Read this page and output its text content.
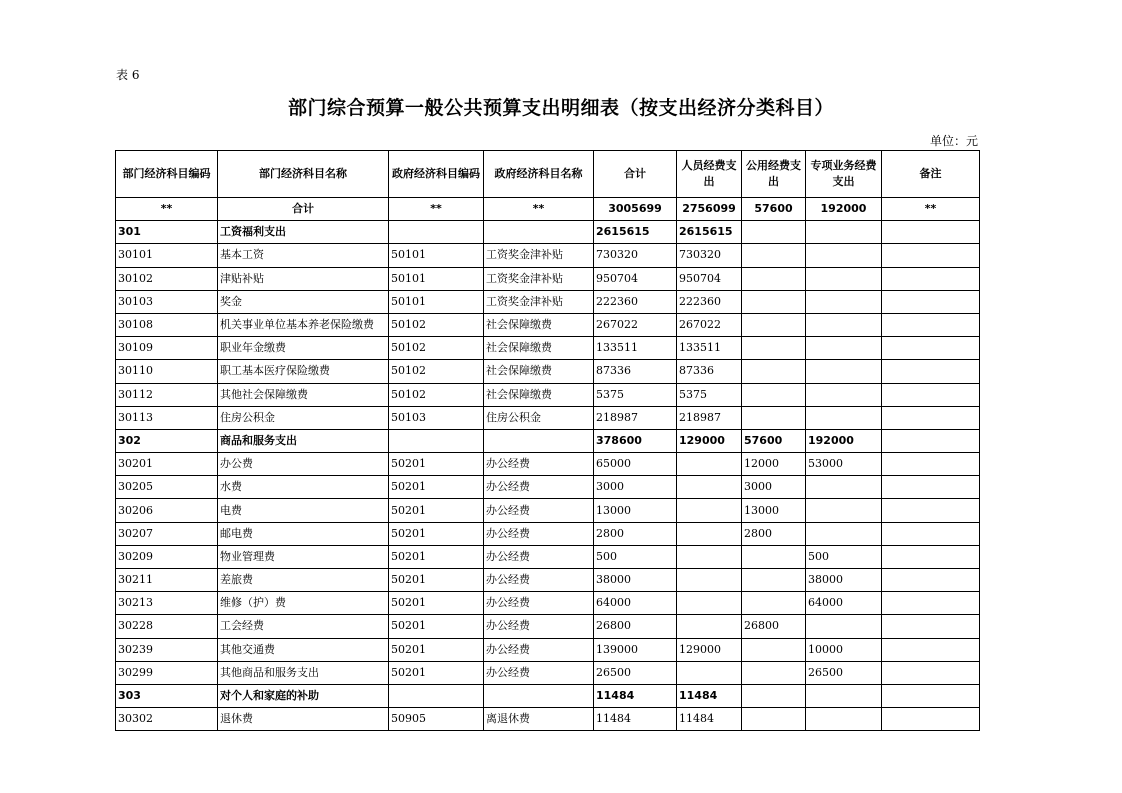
表 6
部门综合预算一般公共预算支出明细表（按支出经济分类科目）
单位：元
部门经济科目编码	部门经济科目名称	政府经济科目编码	政府经济科目名称	合计	人员经费支出	公用经费支出	专项业务经费支出	备注
**	合计	**	**	3005699	2756099	57600	192000	**
301	工资福利支出			2615615	2615615			
30101	基本工资	50101	工资奖金津补贴	730320	730320			
30102	津贴补贴	50101	工资奖金津补贴	950704	950704			
30103	奖金	50101	工资奖金津补贴	222360	222360			
30108	机关事业单位基本养老保险缴费	50102	社会保障缴费	267022	267022			
30109	职业年金缴费	50102	社会保障缴费	133511	133511			
30110	职工基本医疗保险缴费	50102	社会保障缴费	87336	87336			
30112	其他社会保障缴费	50102	社会保障缴费	5375	5375			
30113	住房公积金	50103	住房公积金	218987	218987			
302	商品和服务支出			378600	129000	57600	192000	
30201	办公费	50201	办公经费	65000		12000	53000	
30205	水费	50201	办公经费	3000		3000		
30206	电费	50201	办公经费	13000		13000		
30207	邮电费	50201	办公经费	2800		2800		
30209	物业管理费	50201	办公经费	500			500	
30211	差旅费	50201	办公经费	38000			38000	
30213	维修（护）费	50201	办公经费	64000			64000	
30228	工会经费	50201	办公经费	26800		26800		
30239	其他交通费	50201	办公经费	139000	129000		10000	
30299	其他商品和服务支出	50201	办公经费	26500			26500	
303	对个人和家庭的补助			11484	11484			
30302	退休费	50905	离退休费	11484	11484			
